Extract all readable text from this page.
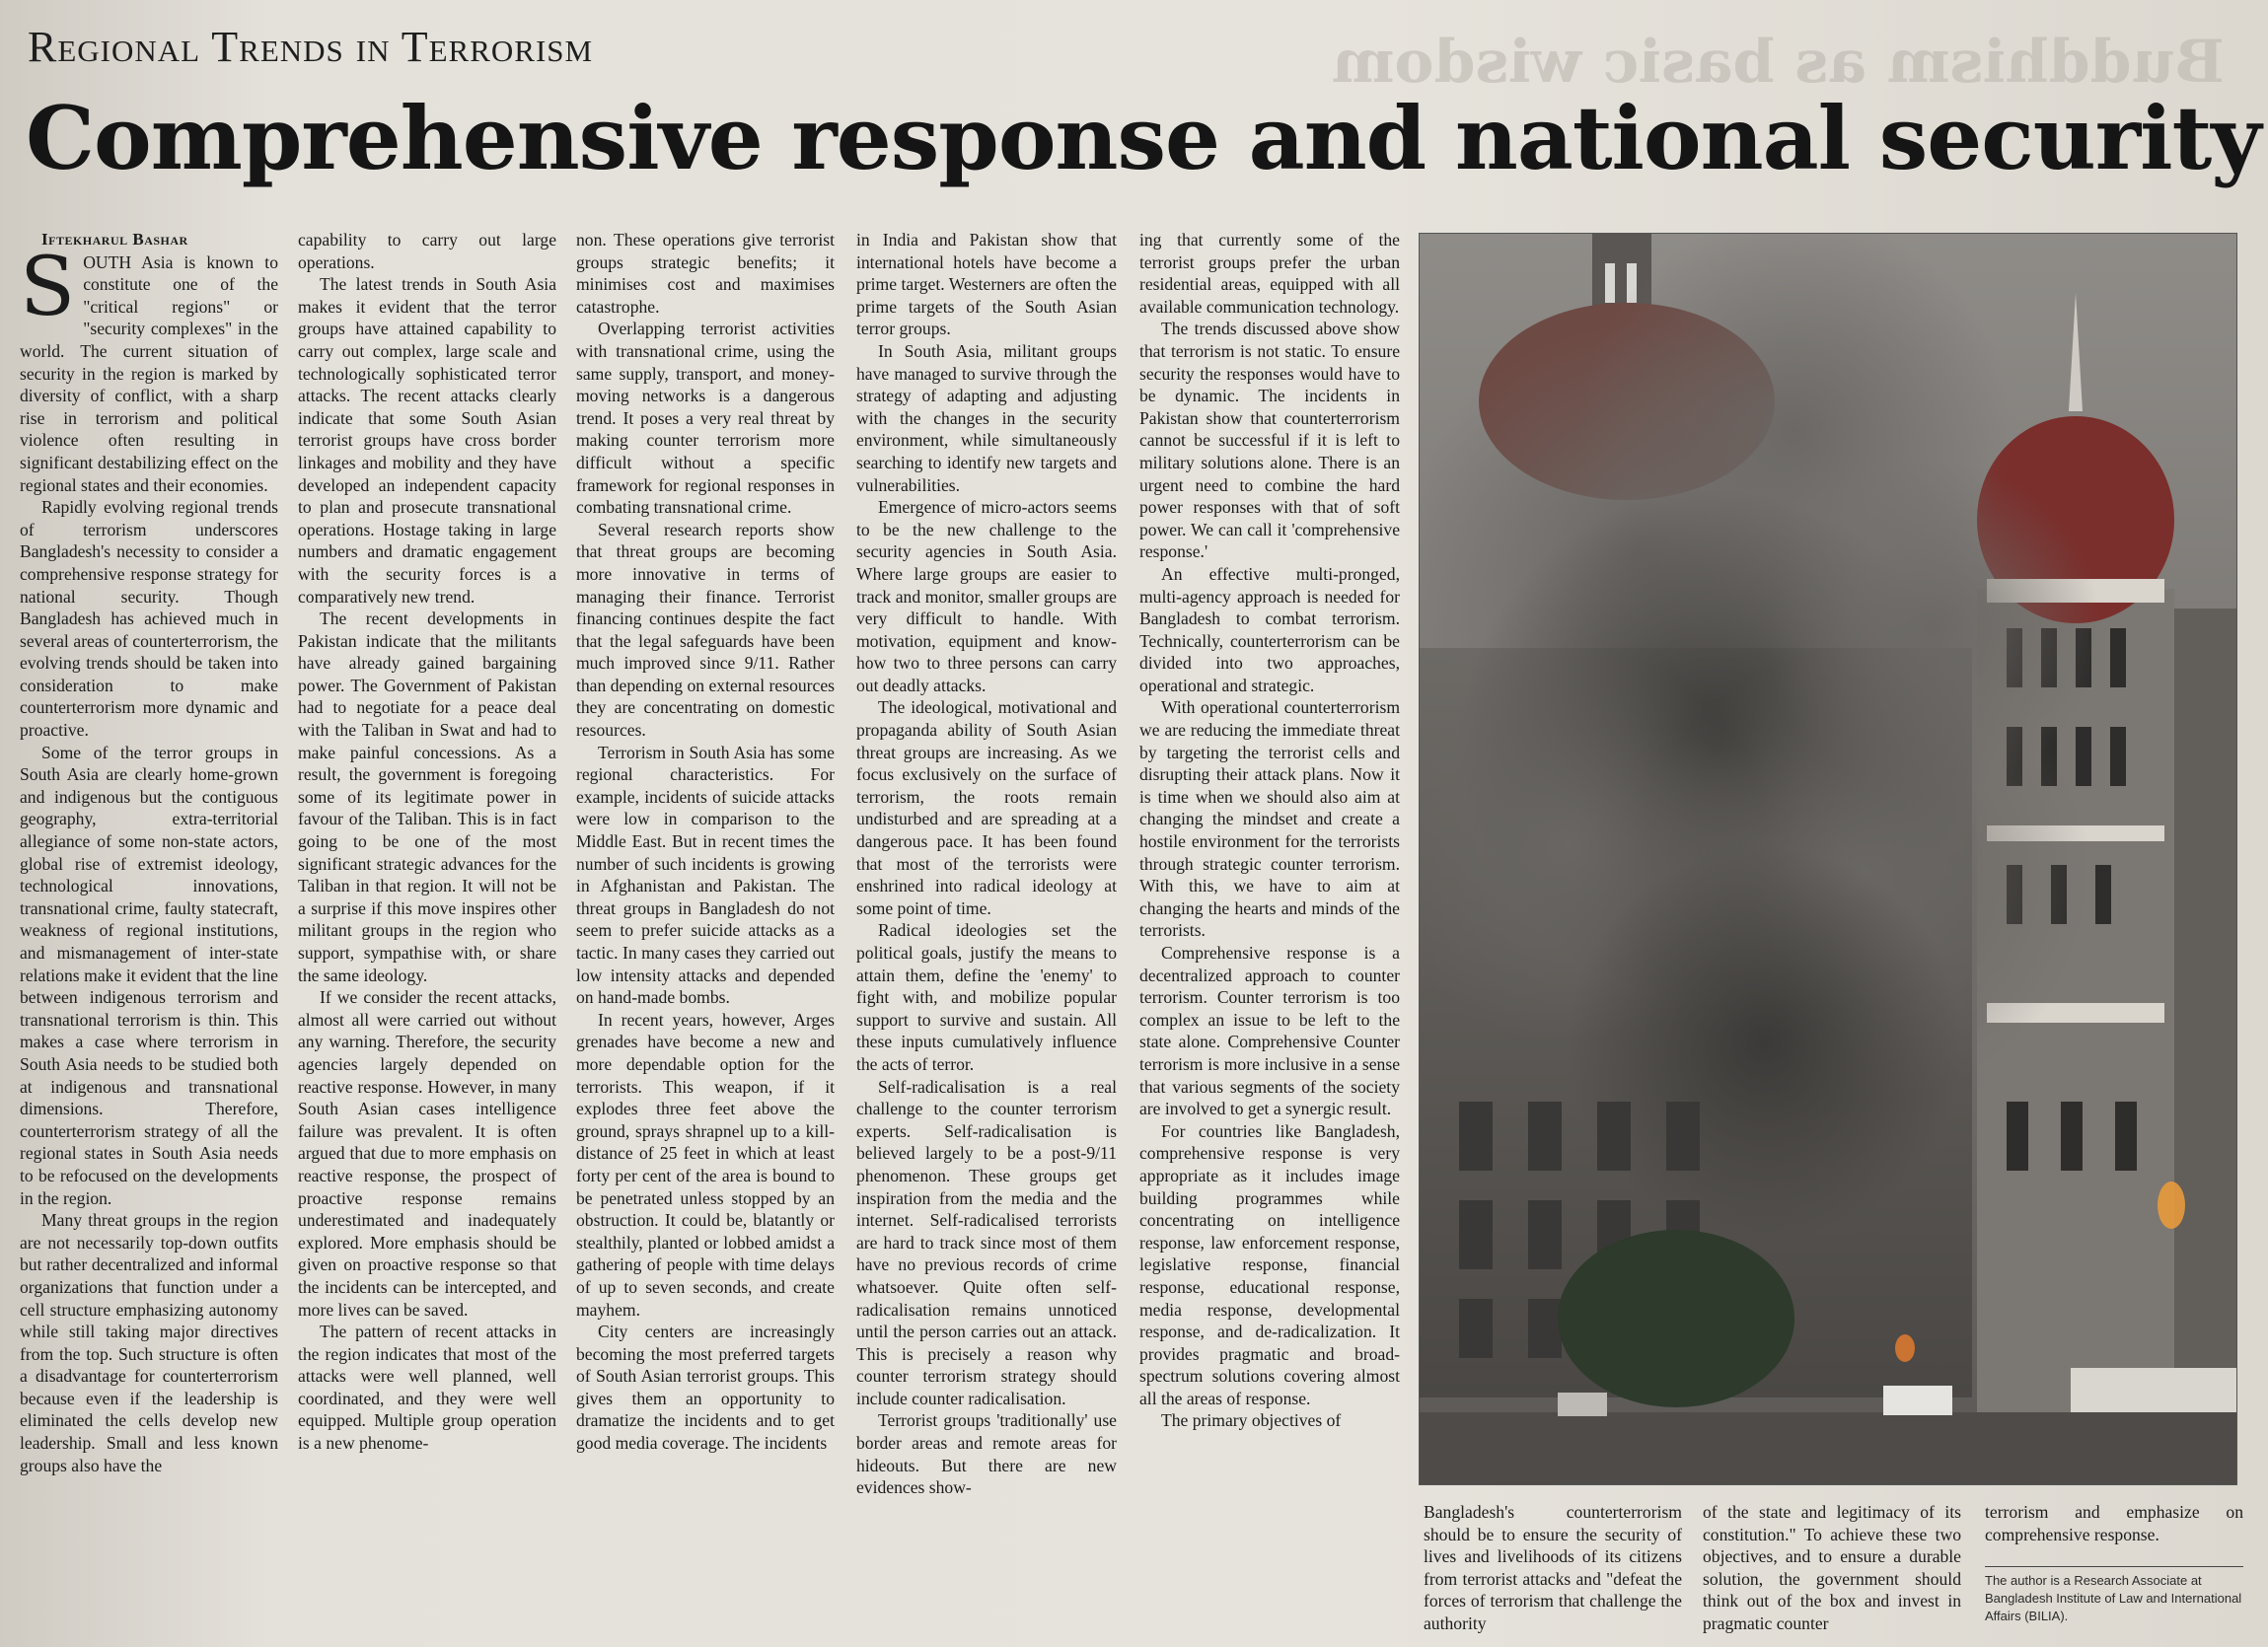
Buddhism as basic wisdom
Regional Trends in Terrorism
Comprehensive response and national security

Iftekharul Bashar

SOUTH Asia is known to constitute one of the "critical regions" or "security complexes" in the world. The current situation of security in the region is marked by diversity of conflict, with a sharp rise in terrorism and political violence often resulting in significant destabilizing effect on the regional states and their economies.

Rapidly evolving regional trends of terrorism underscores Bangladesh's necessity to consider a comprehensive response strategy for national security. Though Bangladesh has achieved much in several areas of counterterrorism, the evolving trends should be taken into consideration to make counterterrorism more dynamic and proactive.

Some of the terror groups in South Asia are clearly home-grown and indigenous but the contiguous geography, extra-territorial allegiance of some non-state actors, global rise of extremist ideology, technological innovations, transnational crime, faulty statecraft, weakness of regional institutions, and mismanagement of inter-state relations make it evident that the line between indigenous terrorism and transnational terrorism is thin. This makes a case where terrorism in South Asia needs to be studied both at indigenous and transnational dimensions. Therefore, counterterrorism strategy of all the regional states in South Asia needs to be refocused on the developments in the region.

Many threat groups in the region are not necessarily top-down outfits but rather decentralized and informal organizations that function under a cell structure emphasizing autonomy while still taking major directives from the top. Such structure is often a disadvantage for counterterrorism because even if the leadership is eliminated the cells develop new leadership. Small and less known groups also have the

capability to carry out large operations.

The latest trends in South Asia makes it evident that the terror groups have attained capability to carry out complex, large scale and technologically sophisticated terror attacks. The recent attacks clearly indicate that some South Asian terrorist groups have cross border linkages and mobility and they have developed an independent capacity to plan and prosecute transnational operations. Hostage taking in large numbers and dramatic engagement with the security forces is a comparatively new trend.

The recent developments in Pakistan indicate that the militants have already gained bargaining power. The Government of Pakistan had to negotiate for a peace deal with the Taliban in Swat and had to make painful concessions. As a result, the government is foregoing some of its legitimate power in favour of the Taliban. This is in fact going to be one of the most significant strategic advances for the Taliban in that region. It will not be a surprise if this move inspires other militant groups in the region who support, sympathise with, or share the same ideology.

If we consider the recent attacks, almost all were carried out without any warning. Therefore, the security agencies largely depended on reactive response. However, in many South Asian cases intelligence failure was prevalent. It is often argued that due to more emphasis on reactive response, the prospect of proactive response remains underestimated and inadequately explored. More emphasis should be given on proactive response so that the incidents can be intercepted, and more lives can be saved.

The pattern of recent attacks in the region indicates that most of the attacks were well planned, well coordinated, and they were well equipped. Multiple group operation is a new phenome-

non. These operations give terrorist groups strategic benefits; it minimises cost and maximises catastrophe.

Overlapping terrorist activities with transnational crime, using the same supply, transport, and money-moving networks is a dangerous trend. It poses a very real threat by making counter terrorism more difficult without a specific framework for regional responses in combating transnational crime.

Several research reports show that threat groups are becoming more innovative in terms of managing their finance. Terrorist financing continues despite the fact that the legal safeguards have been much improved since 9/11. Rather than depending on external resources they are concentrating on domestic resources.

Terrorism in South Asia has some regional characteristics. For example, incidents of suicide attacks were low in comparison to the Middle East. But in recent times the number of such incidents is growing in Afghanistan and Pakistan. The threat groups in Bangladesh do not seem to prefer suicide attacks as a tactic. In many cases they carried out low intensity attacks and depended on hand-made bombs.

In recent years, however, Arges grenades have become a new and more dependable option for the terrorists. This weapon, if it explodes three feet above the ground, sprays shrapnel up to a kill-distance of 25 feet in which at least forty per cent of the area is bound to be penetrated unless stopped by an obstruction. It could be, blatantly or stealthily, planted or lobbed amidst a gathering of people with time delays of up to seven seconds, and create mayhem.

City centers are increasingly becoming the most preferred targets of South Asian terrorist groups. This gives them an opportunity to dramatize the incidents and to get good media coverage. The incidents

in India and Pakistan show that international hotels have become a prime target. Westerners are often the prime targets of the South Asian terror groups.

In South Asia, militant groups have managed to survive through the strategy of adapting and adjusting with the changes in the security environment, while simultaneously searching to identify new targets and vulnerabilities.

Emergence of micro-actors seems to be the new challenge to the security agencies in South Asia. Where large groups are easier to track and monitor, smaller groups are very difficult to handle. With motivation, equipment and know-how two to three persons can carry out deadly attacks.

The ideological, motivational and propaganda ability of South Asian threat groups are increasing. As we focus exclusively on the surface of terrorism, the roots remain undisturbed and are spreading at a dangerous pace. It has been found that most of the terrorists were enshrined into radical ideology at some point of time.

Radical ideologies set the political goals, justify the means to attain them, define the 'enemy' to fight with, and mobilize popular support to survive and sustain. All these inputs cumulatively influence the acts of terror.

Self-radicalisation is a real challenge to the counter terrorism experts. Self-radicalisation is believed largely to be a post-9/11 phenomenon. These groups get inspiration from the media and the internet. Self-radicalised terrorists are hard to track since most of them have no previous records of crime whatsoever. Quite often self-radicalisation remains unnoticed until the person carries out an attack. This is precisely a reason why counter terrorism strategy should include counter radicalisation.

Terrorist groups 'traditionally' use border areas and remote areas for hideouts. But there are new evidences show-

ing that currently some of the terrorist groups prefer the urban residential areas, equipped with all available communication technology.

The trends discussed above show that terrorism is not static. To ensure security the responses would have to be dynamic. The incidents in Pakistan show that counterterrorism cannot be successful if it is left to military solutions alone. There is an urgent need to combine the hard power responses with that of soft power. We can call it 'comprehensive response.'

An effective multi-pronged, multi-agency approach is needed for Bangladesh to combat terrorism. Technically, counterterrorism can be divided into two approaches, operational and strategic.

With operational counterterrorism we are reducing the immediate threat by targeting the terrorist cells and disrupting their attack plans. Now it is time when we should also aim at changing the mindset and create a hostile environment for the terrorists through strategic counter terrorism. With this, we have to aim at changing the hearts and minds of the terrorists.

Comprehensive response is a decentralized approach to counter terrorism. Counter terrorism is too complex an issue to be left to the state alone. Comprehensive Counter terrorism is more inclusive in a sense that various segments of the society are involved to get a synergic result.

For countries like Bangladesh, comprehensive response is very appropriate as it includes image building programmes while concentrating on intelligence response, law enforcement response, legislative response, financial response, educational response, media response, developmental response, and de-radicalization. It provides pragmatic and broad-spectrum solutions covering almost all the areas of response.

The primary objectives of

Bangladesh's counterterrorism should be to ensure the security of lives and livelihoods of its citizens from terrorist attacks and "defeat the forces of terrorism that challenge the authority

of the state and legitimacy of its constitution." To achieve these two objectives, and to ensure a durable solution, the government should think out of the box and invest in pragmatic counter

terrorism and emphasize on comprehensive response.

The author is a Research Associate at Bangladesh Institute of Law and International Affairs (BILIA).
